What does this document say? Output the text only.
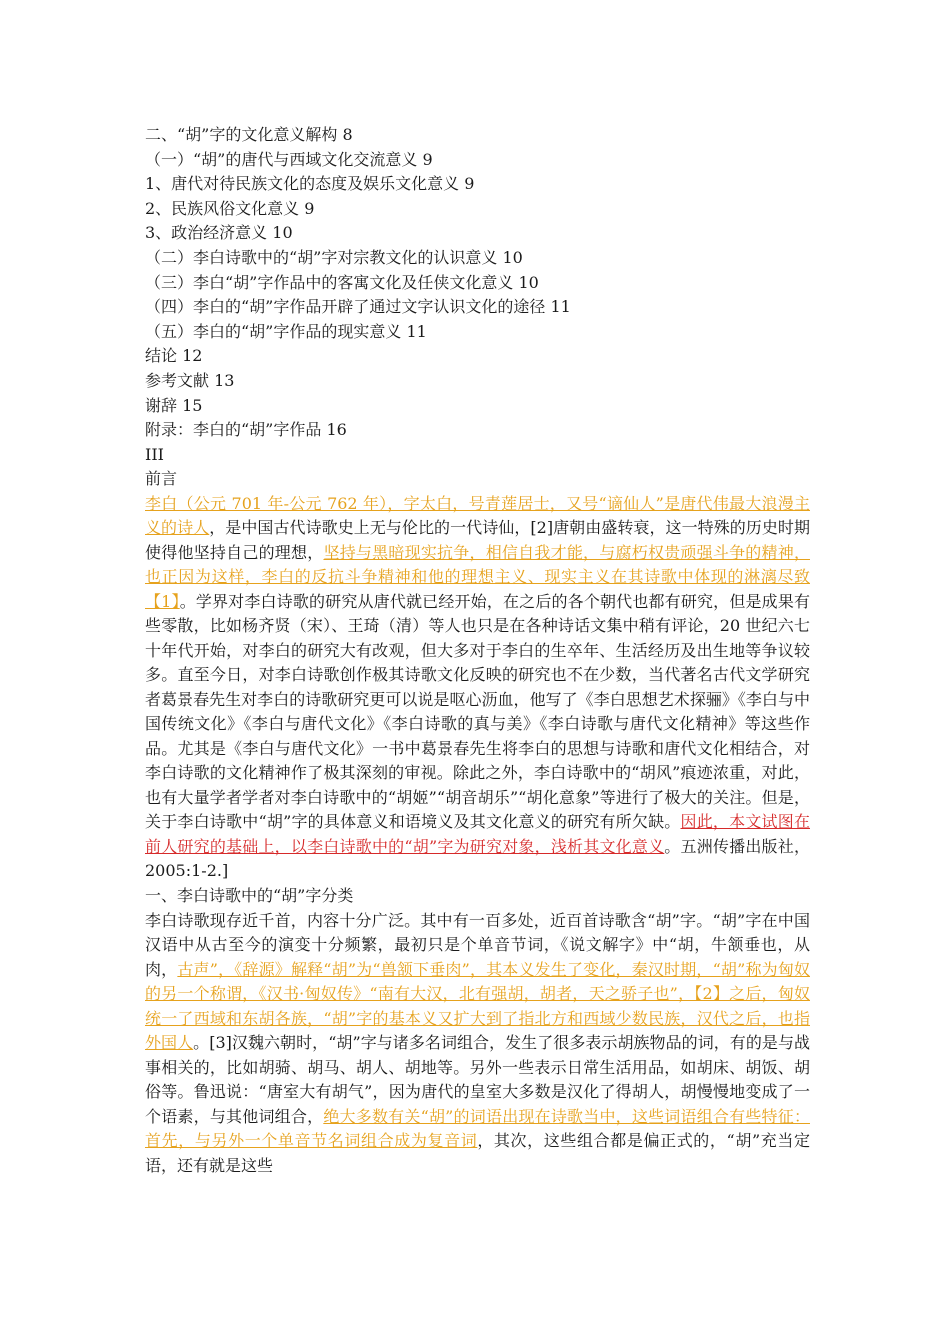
二、“胡”字的文化意义解构 8
（一）“胡”的唐代与西域文化交流意义 9
1、唐代对待民族文化的态度及娱乐文化意义 9
2、民族风俗文化意义 9
3、政治经济意义 10
（二）李白诗歌中的“胡”字对宗教文化的认识意义 10
（三）李白“胡”字作品中的客寓文化及任侠文化意义 10
（四）李白的“胡”字作品开辟了通过文字认识文化的途径 11
（五）李白的“胡”字作品的现实意义 11
结论 12
参考文献 13
谢辞 15
附录：李白的“胡”字作品 16
III
前言

李白（公元 701 年-公元 762 年），字太白，号青莲居士，又号“谪仙人”是唐代伟最大浪漫主义的诗人，是中国古代诗歌史上无与伦比的一代诗仙，[2]唐朝由盛转衰，这一特殊的历史时期使得他坚持自己的理想，坚持与黑暗现实抗争，相信自我才能，与腐朽权贵顽强斗争的精神，也正因为这样，李白的反抗斗争精神和他的理想主义、现实主义在其诗歌中体现的淋漓尽致【1】。学界对李白诗歌的研究从唐代就已经开始，在之后的各个朝代也都有研究，但是成果有些零散，比如杨齐贤（宋）、王琦（清）等人也只是在各种诗话文集中稍有评论，20 世纪六七十年代开始，对李白的研究大有改观，但大多对于李白的生卒年、生活经历及出生地等争议较多。直至今日，对李白诗歌创作极其诗歌文化反映的研究也不在少数，当代著名古代文学研究者葛景春先生对李白的诗歌研究更可以说是呕心沥血，他写了《李白思想艺术探骊》《李白与中国传统文化》《李白与唐代文化》《李白诗歌的真与美》《李白诗歌与唐代文化精神》等这些作品。尤其是《李白与唐代文化》一书中葛景春先生将李白的思想与诗歌和唐代文化相结合，对李白诗歌的文化精神作了极其深刻的审视。除此之外，李白诗歌中的“胡风”痕迹浓重，对此，也有大量学者学者对李白诗歌中的“胡姬”“胡音胡乐”“胡化意象”等进行了极大的关注。但是，关于李白诗歌中“胡”字的具体意义和语境义及其文化意义的研究有所欠缺。因此，本文试图在前人研究的基础上，以李白诗歌中的“胡”字为研究对象，浅析其文化意义。五洲传播出版社，2005:1-2.]

一、李白诗歌中的“胡”字分类

李白诗歌现存近千首，内容十分广泛。其中有一百多处，近百首诗歌含“胡”字。“胡”字在中国汉语中从古至今的演变十分频繁，最初只是个单音节词，《说文解字》中“胡，牛颔垂也，从肉，古声”，《辞源》解释“胡”为“兽颔下垂肉”，其本义发生了变化，秦汉时期，“胡”称为匈奴的另一个称谓，《汉书·匈奴传》“南有大汉，北有强胡，胡者，天之骄子也”，【2】之后，匈奴统一了西域和东胡各族，“胡”字的基本义又扩大到了指北方和西域少数民族，汉代之后，也指外国人。[3]汉魏六朝时，“胡”字与诸多名词组合，发生了很多表示胡族物品的词，有的是与战事相关的，比如胡骑、胡马、胡人、胡地等。另外一些表示日常生活用品，如胡床、胡饭、胡俗等。鲁迅说：“唐室大有胡气”，因为唐代的皇室大多数是汉化了得胡人，胡慢慢地变成了一个语素，与其他词组合，绝大多数有关“胡”的词语出现在诗歌当中，这些词语组合有些特征：首先，与另外一个单音节名词组合成为复音词，其次，这些组合都是偏正式的，“胡”充当定语，还有就是这些
